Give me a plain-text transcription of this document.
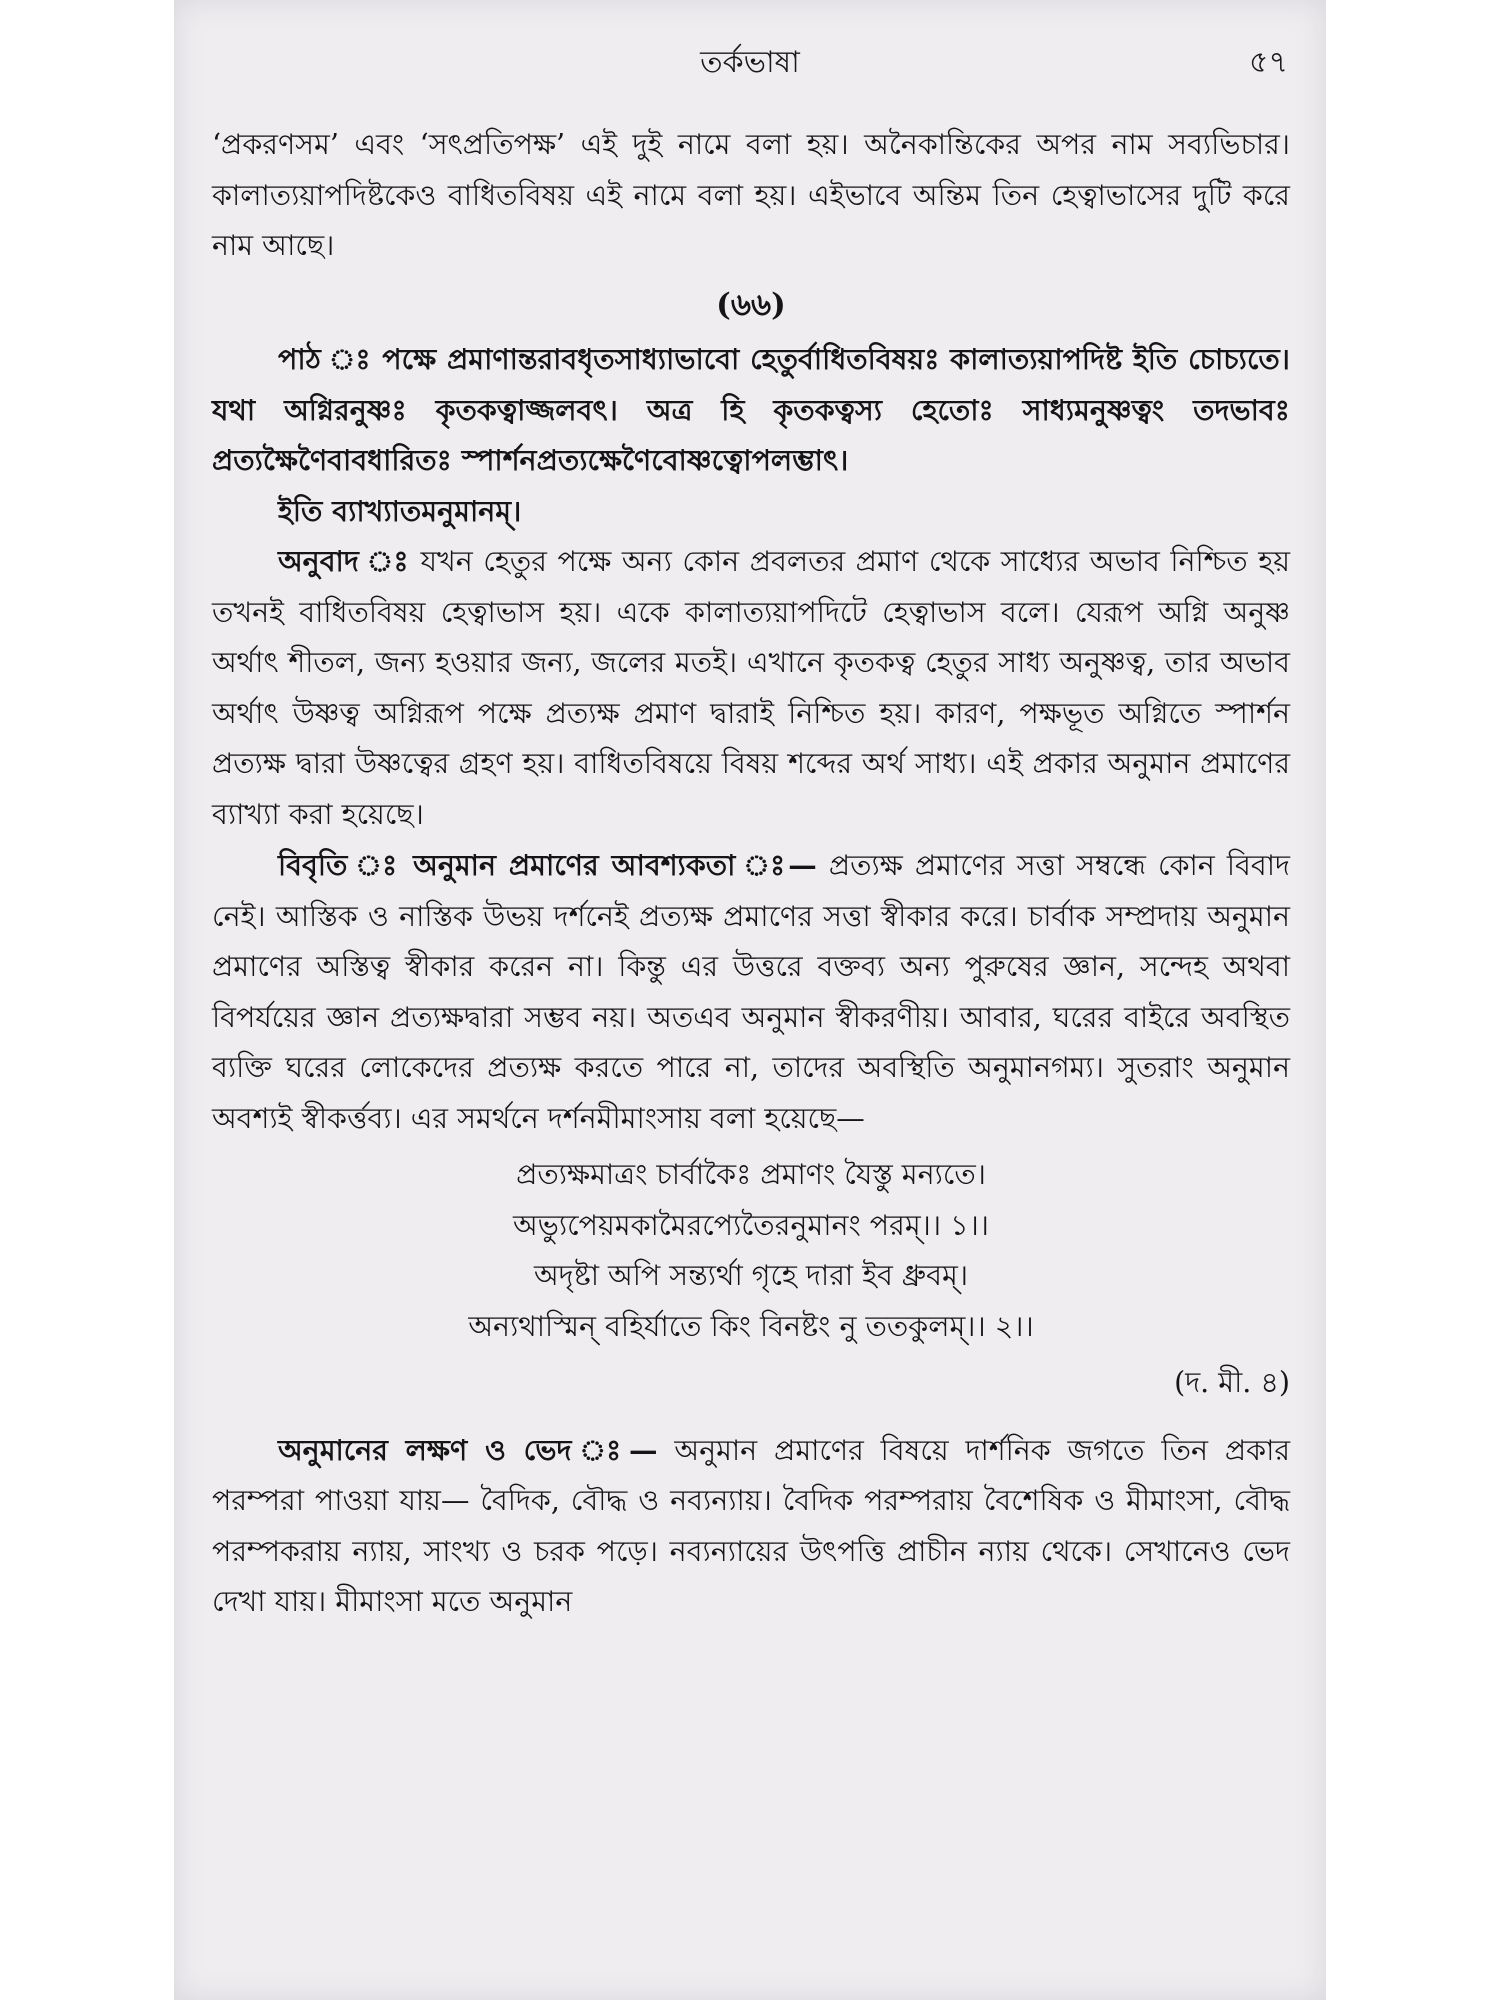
তর্কভাষা	৫৭

‘প্রকরণসম’ এবং ‘সৎপ্রতিপক্ষ’ এই দুই নামে বলা হয়। অনৈকান্তিকের অপর নাম সব্যভিচার। কালাত্যয়াপদিষ্টকেও বাধিতবিষয় এই নামে বলা হয়। এইভাবে অন্তিম তিন হেত্বাভাসের দুটি করে নাম আছে।

(৬৬)

পাঠ ঃ পক্ষে প্রমাণান্তরাবধৃতসাধ্যাভাবো হেতুর্বাধিতবিষয়ঃ কালাত্যয়াপদিষ্ট ইতি চোচ্যতে। যথা অগ্নিরনুষ্ণঃ কৃতকত্বাজ্জলবৎ। অত্র হি কৃতকত্বস্য হেতোঃ সাধ্যমনুষ্ণত্বং তদভাবঃ প্রত্যক্ষৈণৈবাবধারিতঃ স্পার্শনপ্রত্যক্ষেণৈবোষ্ণত্বোপলম্ভাৎ।

ইতি ব্যাখ্যাতমনুমানম্।

অনুবাদ ঃ যখন হেতুর পক্ষে অন্য কোন প্রবলতর প্রমাণ থেকে সাধ্যের অভাব নিশ্চিত হয় তখনই বাধিতবিষয় হেত্বাভাস হয়। একে কালাত্যয়াপদিটে হেত্বাভাস বলে। যেরূপ অগ্নি অনুষ্ণ অর্থাৎ শীতল, জন্য হওয়ার জন্য, জলের মতই। এখানে কৃতকত্ব হেতুর সাধ্য অনুষ্ণত্ব, তার অভাব অর্থাৎ উষ্ণত্ব অগ্নিরূপ পক্ষে প্রত্যক্ষ প্রমাণ দ্বারাই নিশ্চিত হয়। কারণ, পক্ষভূত অগ্নিতে স্পার্শন প্রত্যক্ষ দ্বারা উষ্ণত্বের গ্রহণ হয়। বাধিতবিষয়ে বিষয় শব্দের অর্থ সাধ্য। এই প্রকার অনুমান প্রমাণের ব্যাখ্যা করা হয়েছে।

বিবৃতি ঃ অনুমান প্রমাণের আবশ্যকতা ঃ— প্রত্যক্ষ প্রমাণের সত্তা সম্বন্ধে কোন বিবাদ নেই। আস্তিক ও নাস্তিক উভয় দর্শনেই প্রত্যক্ষ প্রমাণের সত্তা স্বীকার করে। চার্বাক সম্প্রদায় অনুমান প্রমাণের অস্তিত্ব স্বীকার করেন না। কিন্তু এর উত্তরে বক্তব্য অন্য পুরুষের জ্ঞান, সন্দেহ অথবা বিপর্যয়ের জ্ঞান প্রত্যক্ষদ্বারা সম্ভব নয়। অতএব অনুমান স্বীকরণীয়। আবার, ঘরের বাইরে অবস্থিত ব্যক্তি ঘরের লোকেদের প্রত্যক্ষ করতে পারে না, তাদের অবস্থিতি অনুমানগম্য। সুতরাং অনুমান অবশ্যই স্বীকর্ত্তব্য। এর সমর্থনে দর্শনমীমাংসায় বলা হয়েছে—

প্রত্যক্ষমাত্রং চার্বাকৈঃ প্রমাণং যৈস্তু মন্যতে।

অভ্যুপেয়মকামৈরপ্যেতৈরনুমানং পরম্।। ১।।

অদৃষ্টা অপি সন্ত্যর্থা গৃহে দারা ইব ধ্রুবম্।

অন্যথাস্মিন্ বহির্যাতে কিং বিনষ্টং নু ততকুলম্।। ২।।

(দ. মী. ৪)

অনুমানের লক্ষণ ও ভেদ ঃ— অনুমান প্রমাণের বিষয়ে দার্শনিক জগতে তিন প্রকার পরম্পরা পাওয়া যায়— বৈদিক, বৌদ্ধ ও নব্যন্যায়। বৈদিক পরম্পরায় বৈশেষিক ও মীমাংসা, বৌদ্ধ পরম্পকরায় ন্যায়, সাংখ্য ও চরক পড়ে। নব্যন্যায়ের উৎপত্তি প্রাচীন ন্যায় থেকে। সেখানেও ভেদ দেখা যায়। মীমাংসা মতে অনুমান
